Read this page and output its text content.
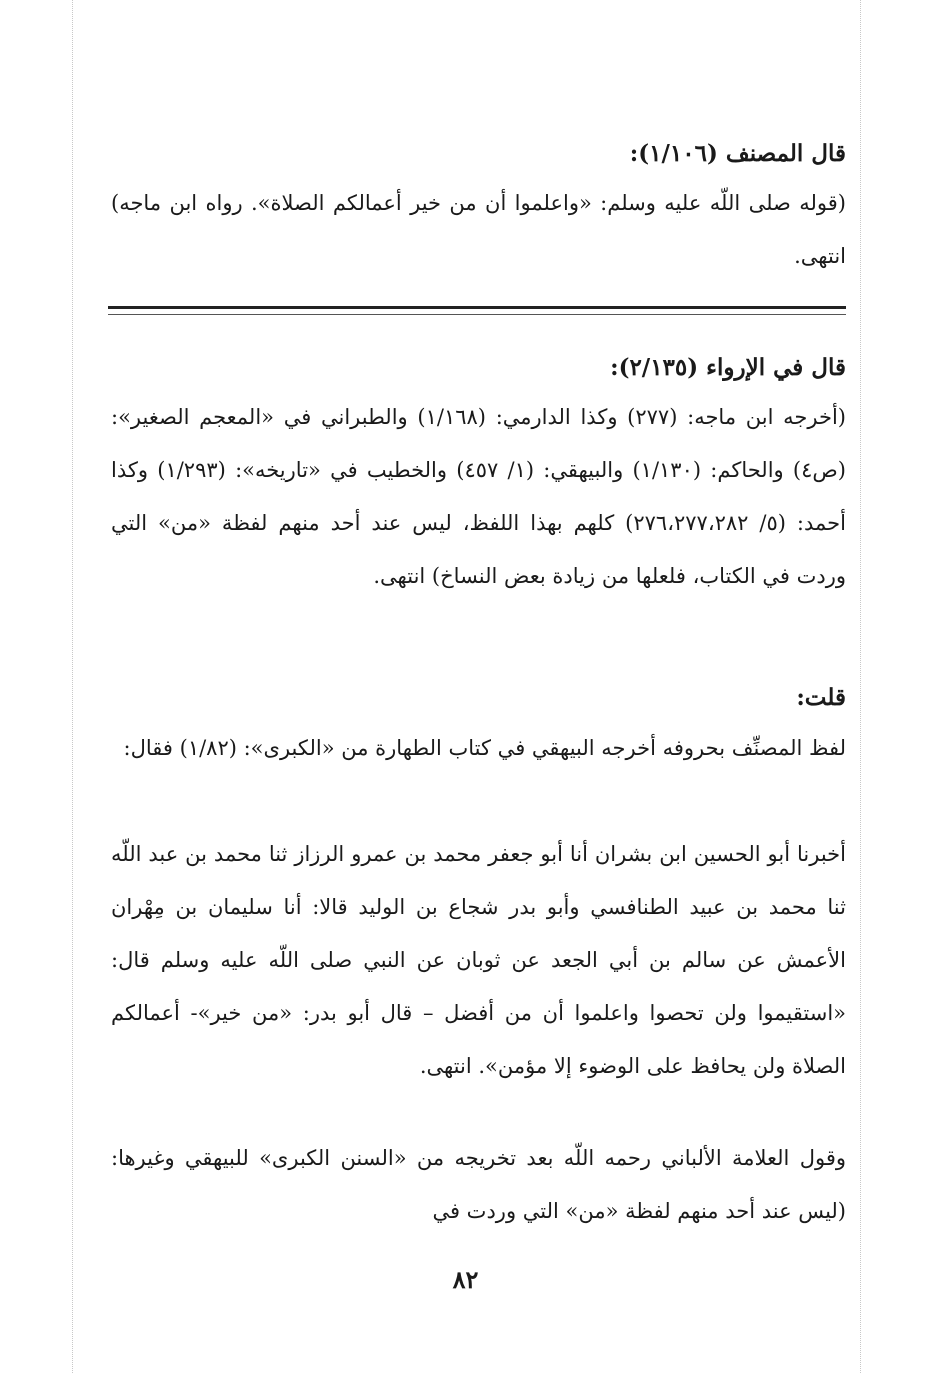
قال المصنف (١/١٠٦):
(قوله صلى اللّه عليه وسلم: «واعلموا أن من خير أعمالكم الصلاة». رواه ابن ماجه) انتهى.
قال في الإرواء (٢/١٣٥):
(أخرجه ابن ماجه: (٢٧٧) وكذا الدارمي: (١/١٦٨) والطبراني في «المعجم الصغير»: (ص٤) والحاكم: (١/١٣٠) والبيهقي: (١/ ٤٥٧) والخطيب في «تاريخه»: (١/٢٩٣) وكذا أحمد: (٥/ ٢٧٦،٢٧٧،٢٨٢) كلهم بهذا اللفظ، ليس عند أحد منهم لفظة «من» التي وردت في الكتاب، فلعلها من زيادة بعض النساخ) انتهى.
قلت:
لفظ المصنِّف بحروفه أخرجه البيهقي في كتاب الطهارة من «الكبرى»: (١/٨٢) فقال:
أخبرنا أبو الحسين ابن بشران أنا أبو جعفر محمد بن عمرو الرزاز ثنا محمد بن عبد اللّه ثنا محمد بن عبيد الطنافسي وأبو بدر شجاع بن الوليد قالا: أنا سليمان بن مِهْران الأعمش عن سالم بن أبي الجعد عن ثوبان عن النبي صلى اللّه عليه وسلم قال: «استقيموا ولن تحصوا واعلموا أن من أفضل – قال أبو بدر: «من خير»- أعمالكم الصلاة ولن يحافظ على الوضوء إلا مؤمن». انتهى.
وقول العلامة الألباني رحمه اللّه بعد تخريجه من «السنن الكبرى» للبيهقي وغيرها: (ليس عند أحد منهم لفظة «من» التي وردت في
٨٢
